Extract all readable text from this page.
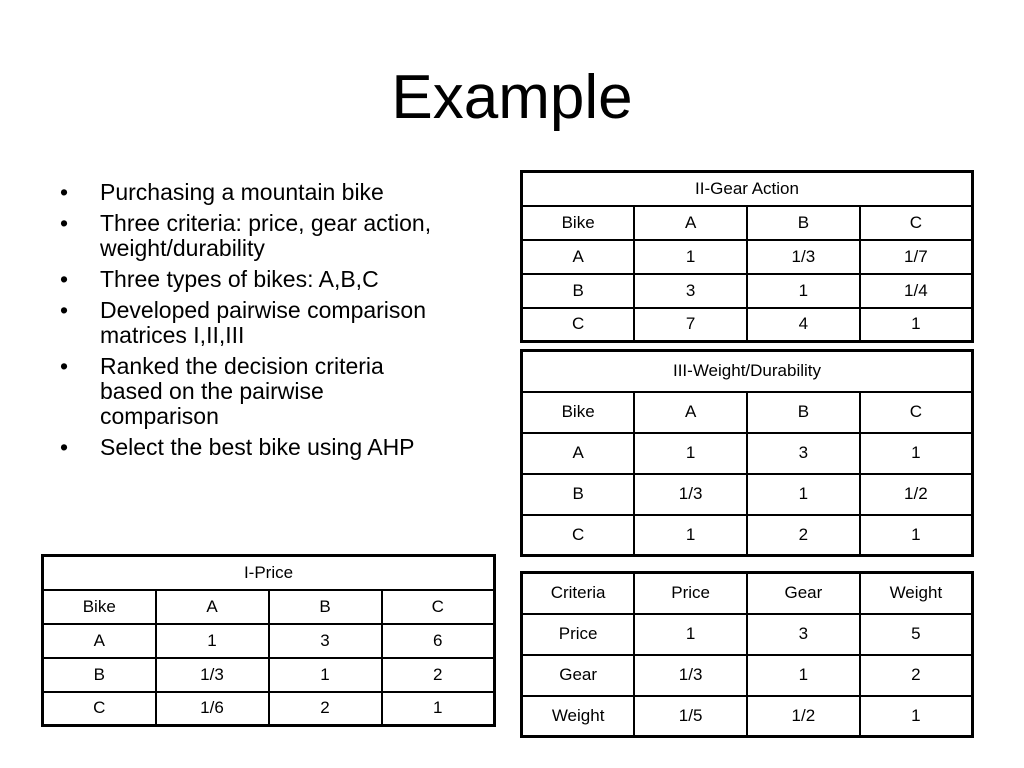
Example
• Purchasing a mountain bike
• Three criteria: price, gear action, weight/durability
• Three types of bikes: A,B,C
• Developed pairwise comparison matrices I,II,III
• Ranked the decision criteria based on the pairwise comparison
• Select the best bike using AHP
II-Gear Action			
Bike	A	B	C
A	1	1/3	1/7
B	3	1	1/4
C	7	4	1
III-Weight/Durability			
Bike	A	B	C
A	1	3	1
B	1/3	1	1/2
C	1	2	1
I-Price			
Bike	A	B	C
A	1	3	6
B	1/3	1	2
C	1/6	2	1
Criteria	Price	Gear	Weight
Price	1	3	5
Gear	1/3	1	2
Weight	1/5	1/2	1
